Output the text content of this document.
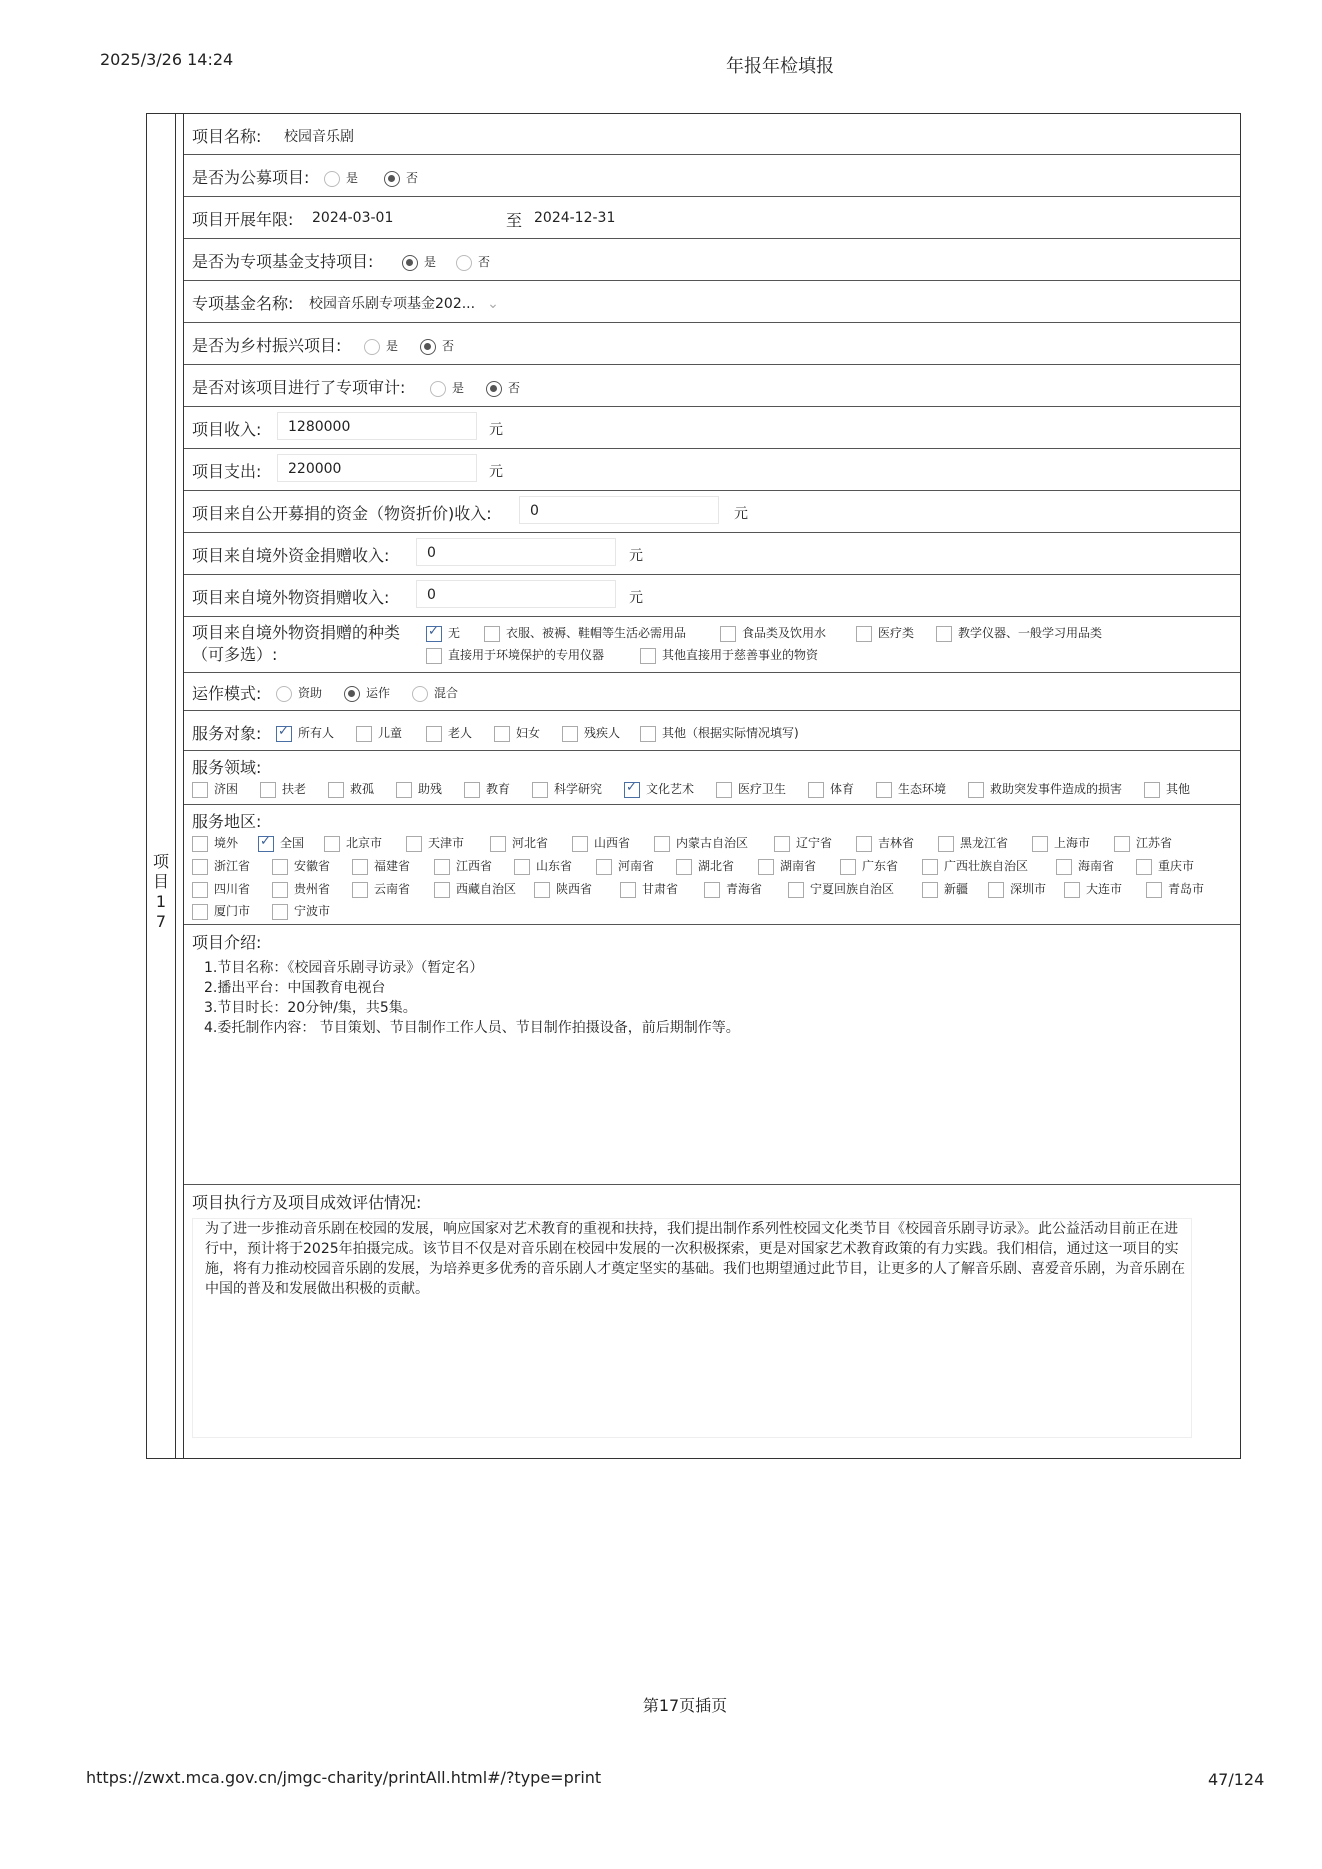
2025/3/26 14:24	年报年检填报
项目17
项目名称: 校园音乐剧
是否为公募项目:	是	否
项目开展年限: 2024-03-01	至 2024-12-31
是否为专项基金支持项目:	是	否
专项基金名称: 校园音乐剧专项基金202... ⌄
是否为乡村振兴项目:	是	否
是否对该项目进行了专项审计:	是	否
项目收入:	1280000	元
项目支出:	220000	元
项目来自公开募捐的资金（物资折价)收入:	0	元
项目来自境外资金捐赠收入:	0	元
项目来自境外物资捐赠收入:	0	元
项目来自境外物资捐赠的种类
（可多选）:
✓无	衣服、被褥、鞋帽等生活必需用品	食品类及饮用水	医疗类	教学仪器、一般学习用品类
直接用于环境保护的专用仪器	其他直接用于慈善事业的物资
运作模式:	资助	运作	混合
服务对象: ✓	所有人	儿童	老人	妇女	残疾人	其他（根据实际情况填写)
服务领域:
济困	扶老	救孤	助残	教育	科学研究 ✓	文化艺术	医疗卫生	体育	生态环境	救助突发事件造成的损害	其他
服务地区:
境外 ✓	全国	北京市	天津市	河北省	山西省	内蒙古自治区	辽宁省	吉林省	黑龙江省	上海市	江苏省
浙江省	安徽省	福建省	江西省	山东省	河南省	湖北省	湖南省	广东省	广西壮族自治区	海南省	重庆市
四川省	贵州省	云南省	西藏自治区	陕西省	甘肃省	青海省	宁夏回族自治区	新疆	深圳市	大连市	青岛市
厦门市	宁波市
项目介绍:
1.节目名称：《校园音乐剧寻访录》（暂定名）
2.播出平台：中国教育电视台
3.节目时长：20分钟/集，共5集。
4.委托制作内容： 节目策划、节目制作工作人员、节目制作拍摄设备，前后期制作等。
项目执行方及项目成效评估情况:
为了进一步推动音乐剧在校园的发展，响应国家对艺术教育的重视和扶持，我们提出制作系列性校园文化类节目《校园音乐剧寻访录》。此公益活动目前正在进行中，预计将于2025年拍摄完成。该节目不仅是对音乐剧在校园中发展的一次积极探索，更是对国家艺术教育政策的有力实践。我们相信，通过这一项目的实施，将有力推动校园音乐剧的发展，为培养更多优秀的音乐剧人才奠定坚实的基础。我们也期望通过此节目，让更多的人了解音乐剧、喜爱音乐剧，为音乐剧在中国的普及和发展做出积极的贡献。
第17页插页
https://zwxt.mca.gov.cn/jmgc-charity/printAll.html#/?type=print	47/124
